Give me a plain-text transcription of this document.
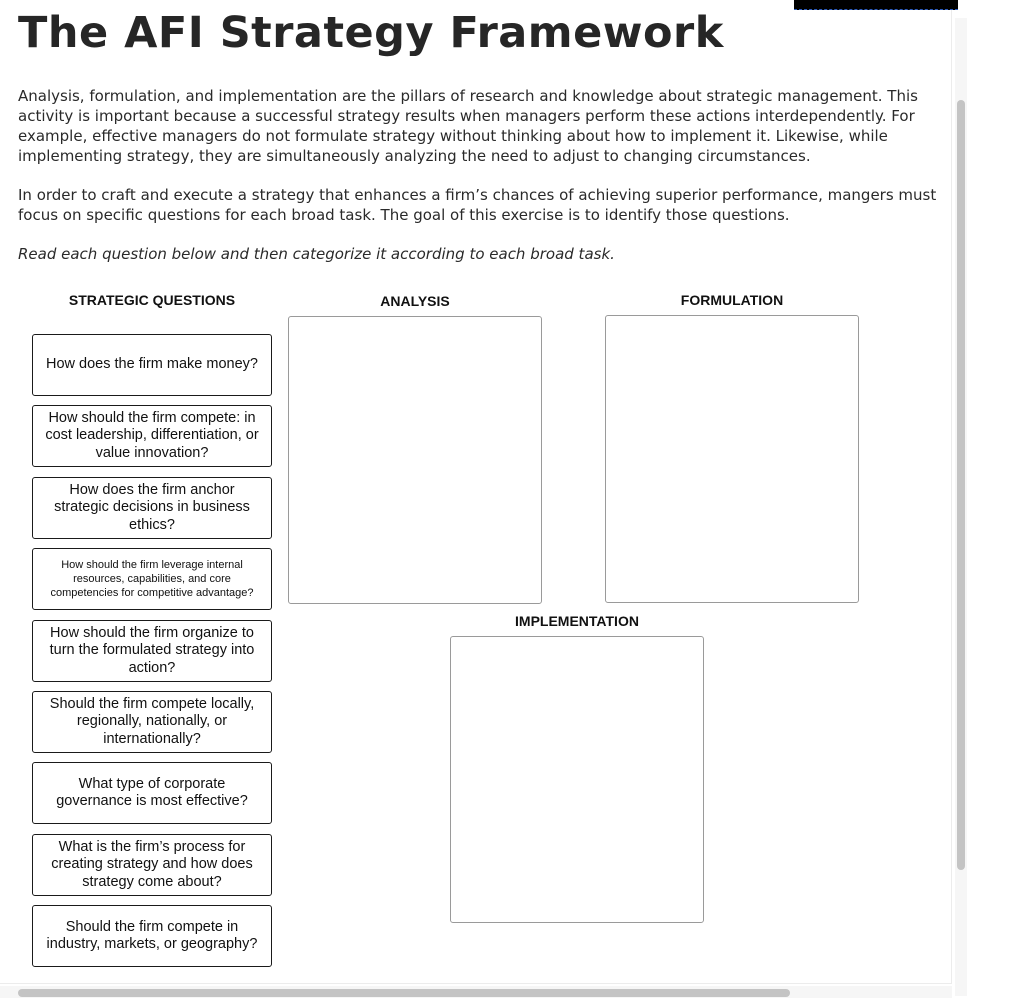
The AFI Strategy Framework

Analysis, formulation, and implementation are the pillars of research and knowledge about strategic management. This activity is important because a successful strategy results when managers perform these actions interdependently. For example, effective managers do not formulate strategy without thinking about how to implement it. Likewise, while implementing strategy, they are simultaneously analyzing the need to adjust to changing circumstances.

In order to craft and execute a strategy that enhances a firm’s chances of achieving superior performance, mangers must focus on specific questions for each broad task. The goal of this exercise is to identify those questions.

Read each question below and then categorize it according to each broad task.

STRATEGIC QUESTIONS	ANALYSIS	FORMULATION
IMPLEMENTATION
How does the firm make money?
How should the firm compete: in cost leadership, differentiation, or value innovation?
How does the firm anchor strategic decisions in business ethics?
How should the firm leverage internal resources, capabilities, and core competencies for competitive advantage?
How should the firm organize to turn the formulated strategy into action?
Should the firm compete locally, regionally, nationally, or internationally?
What type of corporate governance is most effective?
What is the firm’s process for creating strategy and how does strategy come about?
Should the firm compete in industry, markets, or geography?
